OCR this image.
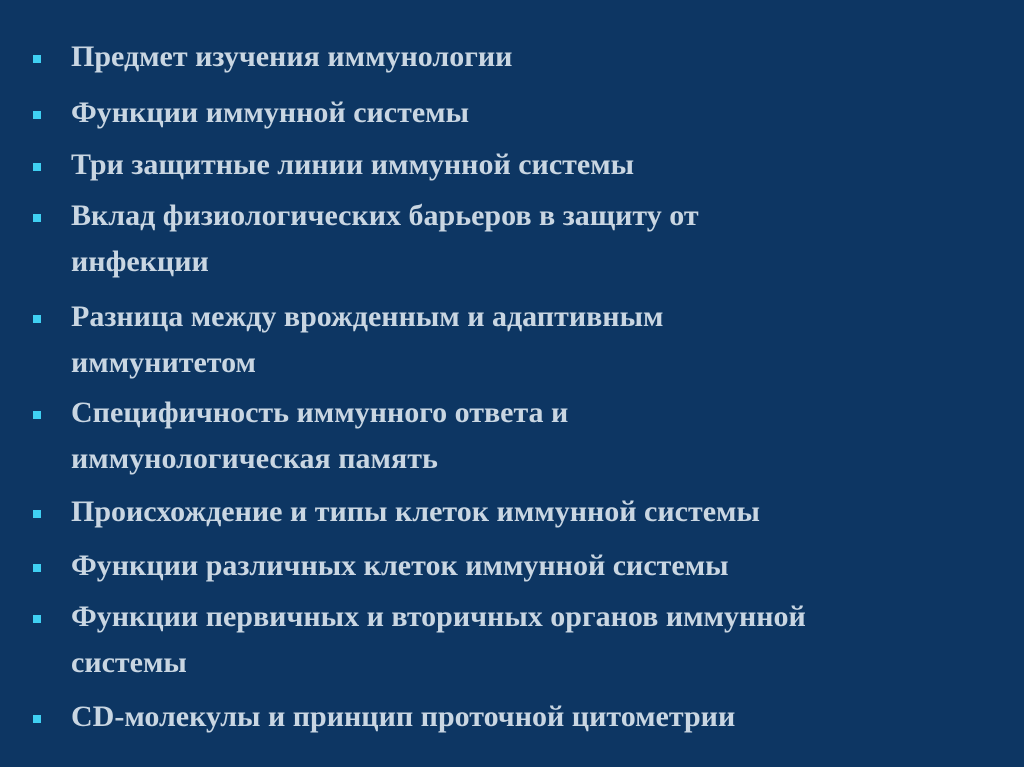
Предмет изучения иммунологии

Функции иммунной системы

Три защитные линии иммунной системы

Вклад физиологических барьеров в защиту от

инфекции

Разница между врожденным и адаптивным

иммунитетом

Специфичность иммунного ответа и

иммунологическая память

Происхождение и типы клеток иммунной системы

Функции различных клеток иммунной системы

Функции первичных и вторичных органов иммунной

системы

CD-молекулы и принцип проточной цитометрии
